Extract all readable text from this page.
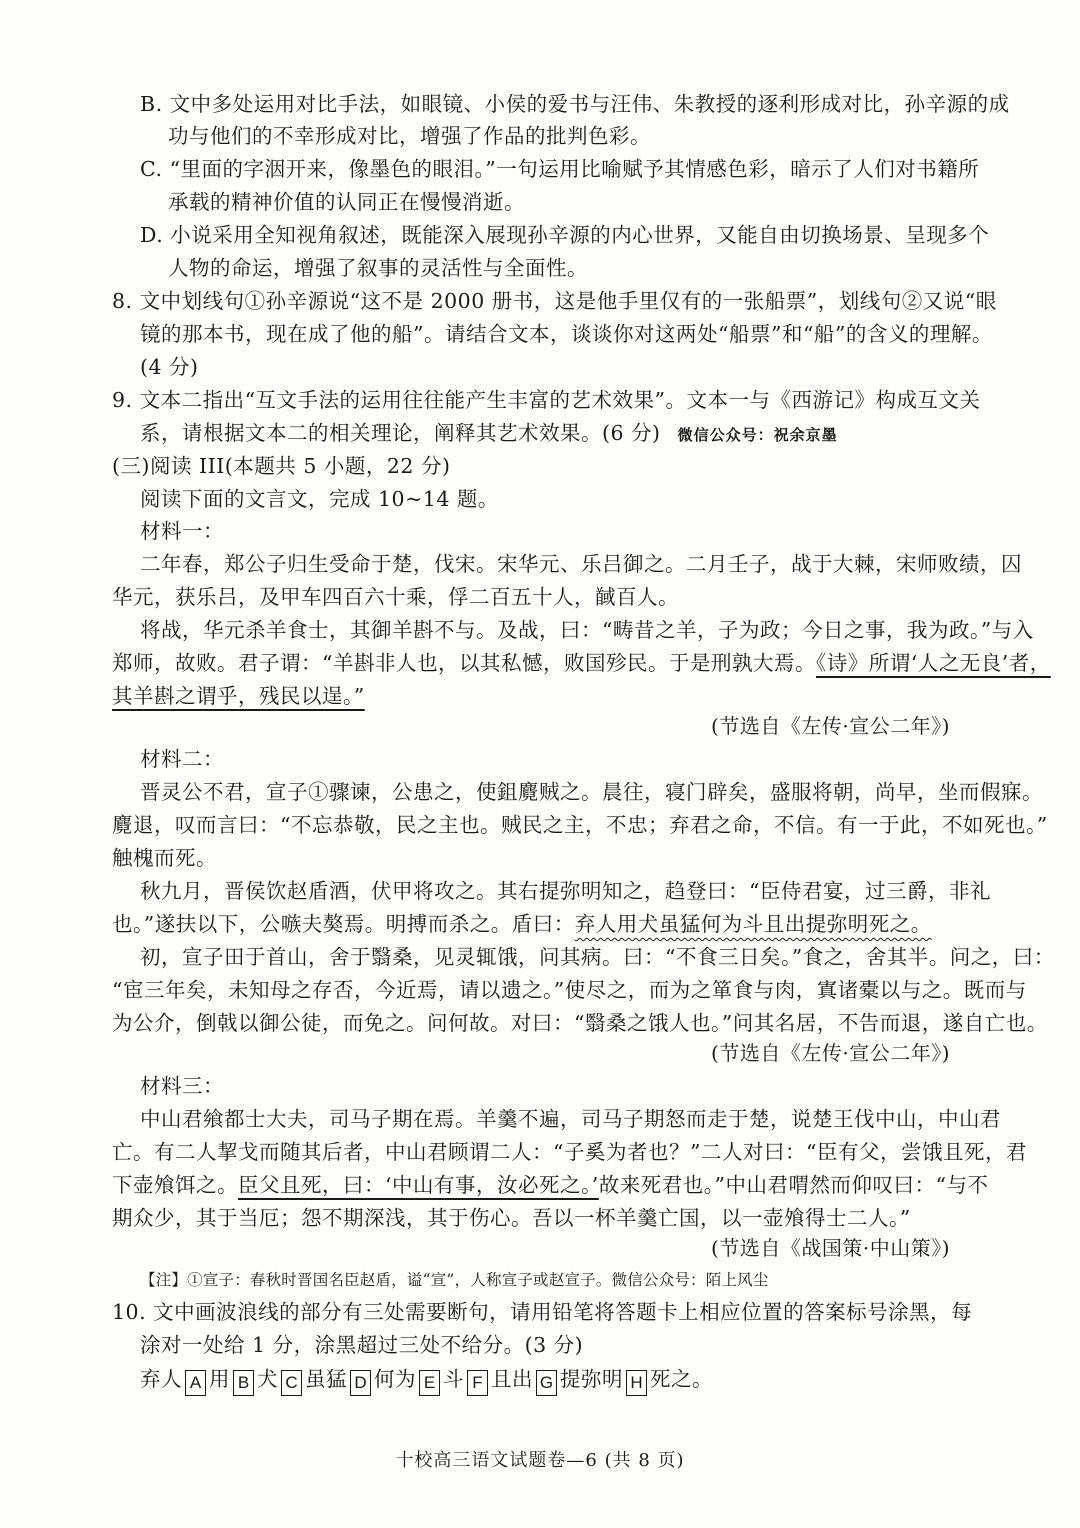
B. 文中多处运用对比手法，如眼镜、小侯的爱书与汪伟、朱教授的逐利形成对比，孙辛源的成
功与他们的不幸形成对比，增强了作品的批判色彩。
C. “里面的字洇开来，像墨色的眼泪。”一句运用比喻赋予其情感色彩，暗示了人们对书籍所
承载的精神价值的认同正在慢慢消逝。
D. 小说采用全知视角叙述，既能深入展现孙辛源的内心世界，又能自由切换场景、呈现多个
人物的命运，增强了叙事的灵活性与全面性。
8. 文中划线句①孙辛源说“这不是 2000 册书，这是他手里仅有的一张船票”，划线句②又说“眼
镜的那本书，现在成了他的船”。请结合文本，谈谈你对这两处“船票”和“船”的含义的理解。
(4 分)
9. 文本二指出“互文手法的运用往往能产生丰富的艺术效果”。文本一与《西游记》构成互文关
系，请根据文本二的相关理论，阐释其艺术效果。(6 分) 微信公众号：祝余京墨
(三)阅读 III(本题共 5 小题，22 分)
阅读下面的文言文，完成 10~14 题。
材料一：
二年春，郑公子归生受命于楚，伐宋。宋华元、乐吕御之。二月壬子，战于大棘，宋师败绩，囚
华元，获乐吕，及甲车四百六十乘，俘二百五十人，馘百人。
将战，华元杀羊食士，其御羊斟不与。及战，曰：“畴昔之羊，子为政；今日之事，我为政。”与入
郑师，故败。君子谓：“羊斟非人也，以其私憾，败国殄民。于是刑孰大焉。《诗》所谓‘人之无良’者，
其羊斟之谓乎，残民以逞。”
(节选自《左传·宣公二年》)
材料二：
晋灵公不君，宣子①骤谏，公患之，使鉏麑贼之。晨往，寝门辟矣，盛服将朝，尚早，坐而假寐。
麑退，叹而言曰：“不忘恭敬，民之主也。贼民之主，不忠；弃君之命，不信。有一于此，不如死也。”
触槐而死。
秋九月，晋侯饮赵盾酒，伏甲将攻之。其右提弥明知之，趋登曰：“臣侍君宴，过三爵，非礼
也。”遂扶以下，公嗾夫獒焉。明搏而杀之。盾曰：弃人用犬虽猛何为斗且出提弥明死之。
初，宣子田于首山，舍于翳桑，见灵辄饿，问其病。曰：“不食三日矣。”食之，舍其半。问之，曰：
“宦三年矣，未知母之存否，今近焉，请以遗之。”使尽之，而为之箪食与肉，寘诸橐以与之。既而与
为公介，倒戟以御公徒，而免之。问何故。对曰：“翳桑之饿人也。”问其名居，不告而退，遂自亡也。
(节选自《左传·宣公二年》)
材料三：
中山君飨都士大夫，司马子期在焉。羊羹不遍，司马子期怒而走于楚，说楚王伐中山，中山君
亡。有二人挈戈而随其后者，中山君顾谓二人：“子奚为者也？”二人对曰：“臣有父，尝饿且死，君
下壶飧饵之。臣父且死，曰：‘中山有事，汝必死之。’故来死君也。”中山君喟然而仰叹曰：“与不
期众少，其于当厄；怨不期深浅，其于伤心。吾以一杯羊羹亡国，以一壶飧得士二人。”
(节选自《战国策·中山策》)
【注】①宣子：春秋时晋国名臣赵盾，谥“宣”，人称宣子或赵宣子。微信公众号：陌上风尘
10. 文中画波浪线的部分有三处需要断句，请用铅笔将答题卡上相应位置的答案标号涂黑，每
涂对一处给 1 分，涂黑超过三处不给分。(3 分)
弃人 A 用 B 犬 C 虽猛 D 何为 E 斗 F 且出 G 提弥明 H 死之。
十校高三语文试题卷—6 (共 8 页)
